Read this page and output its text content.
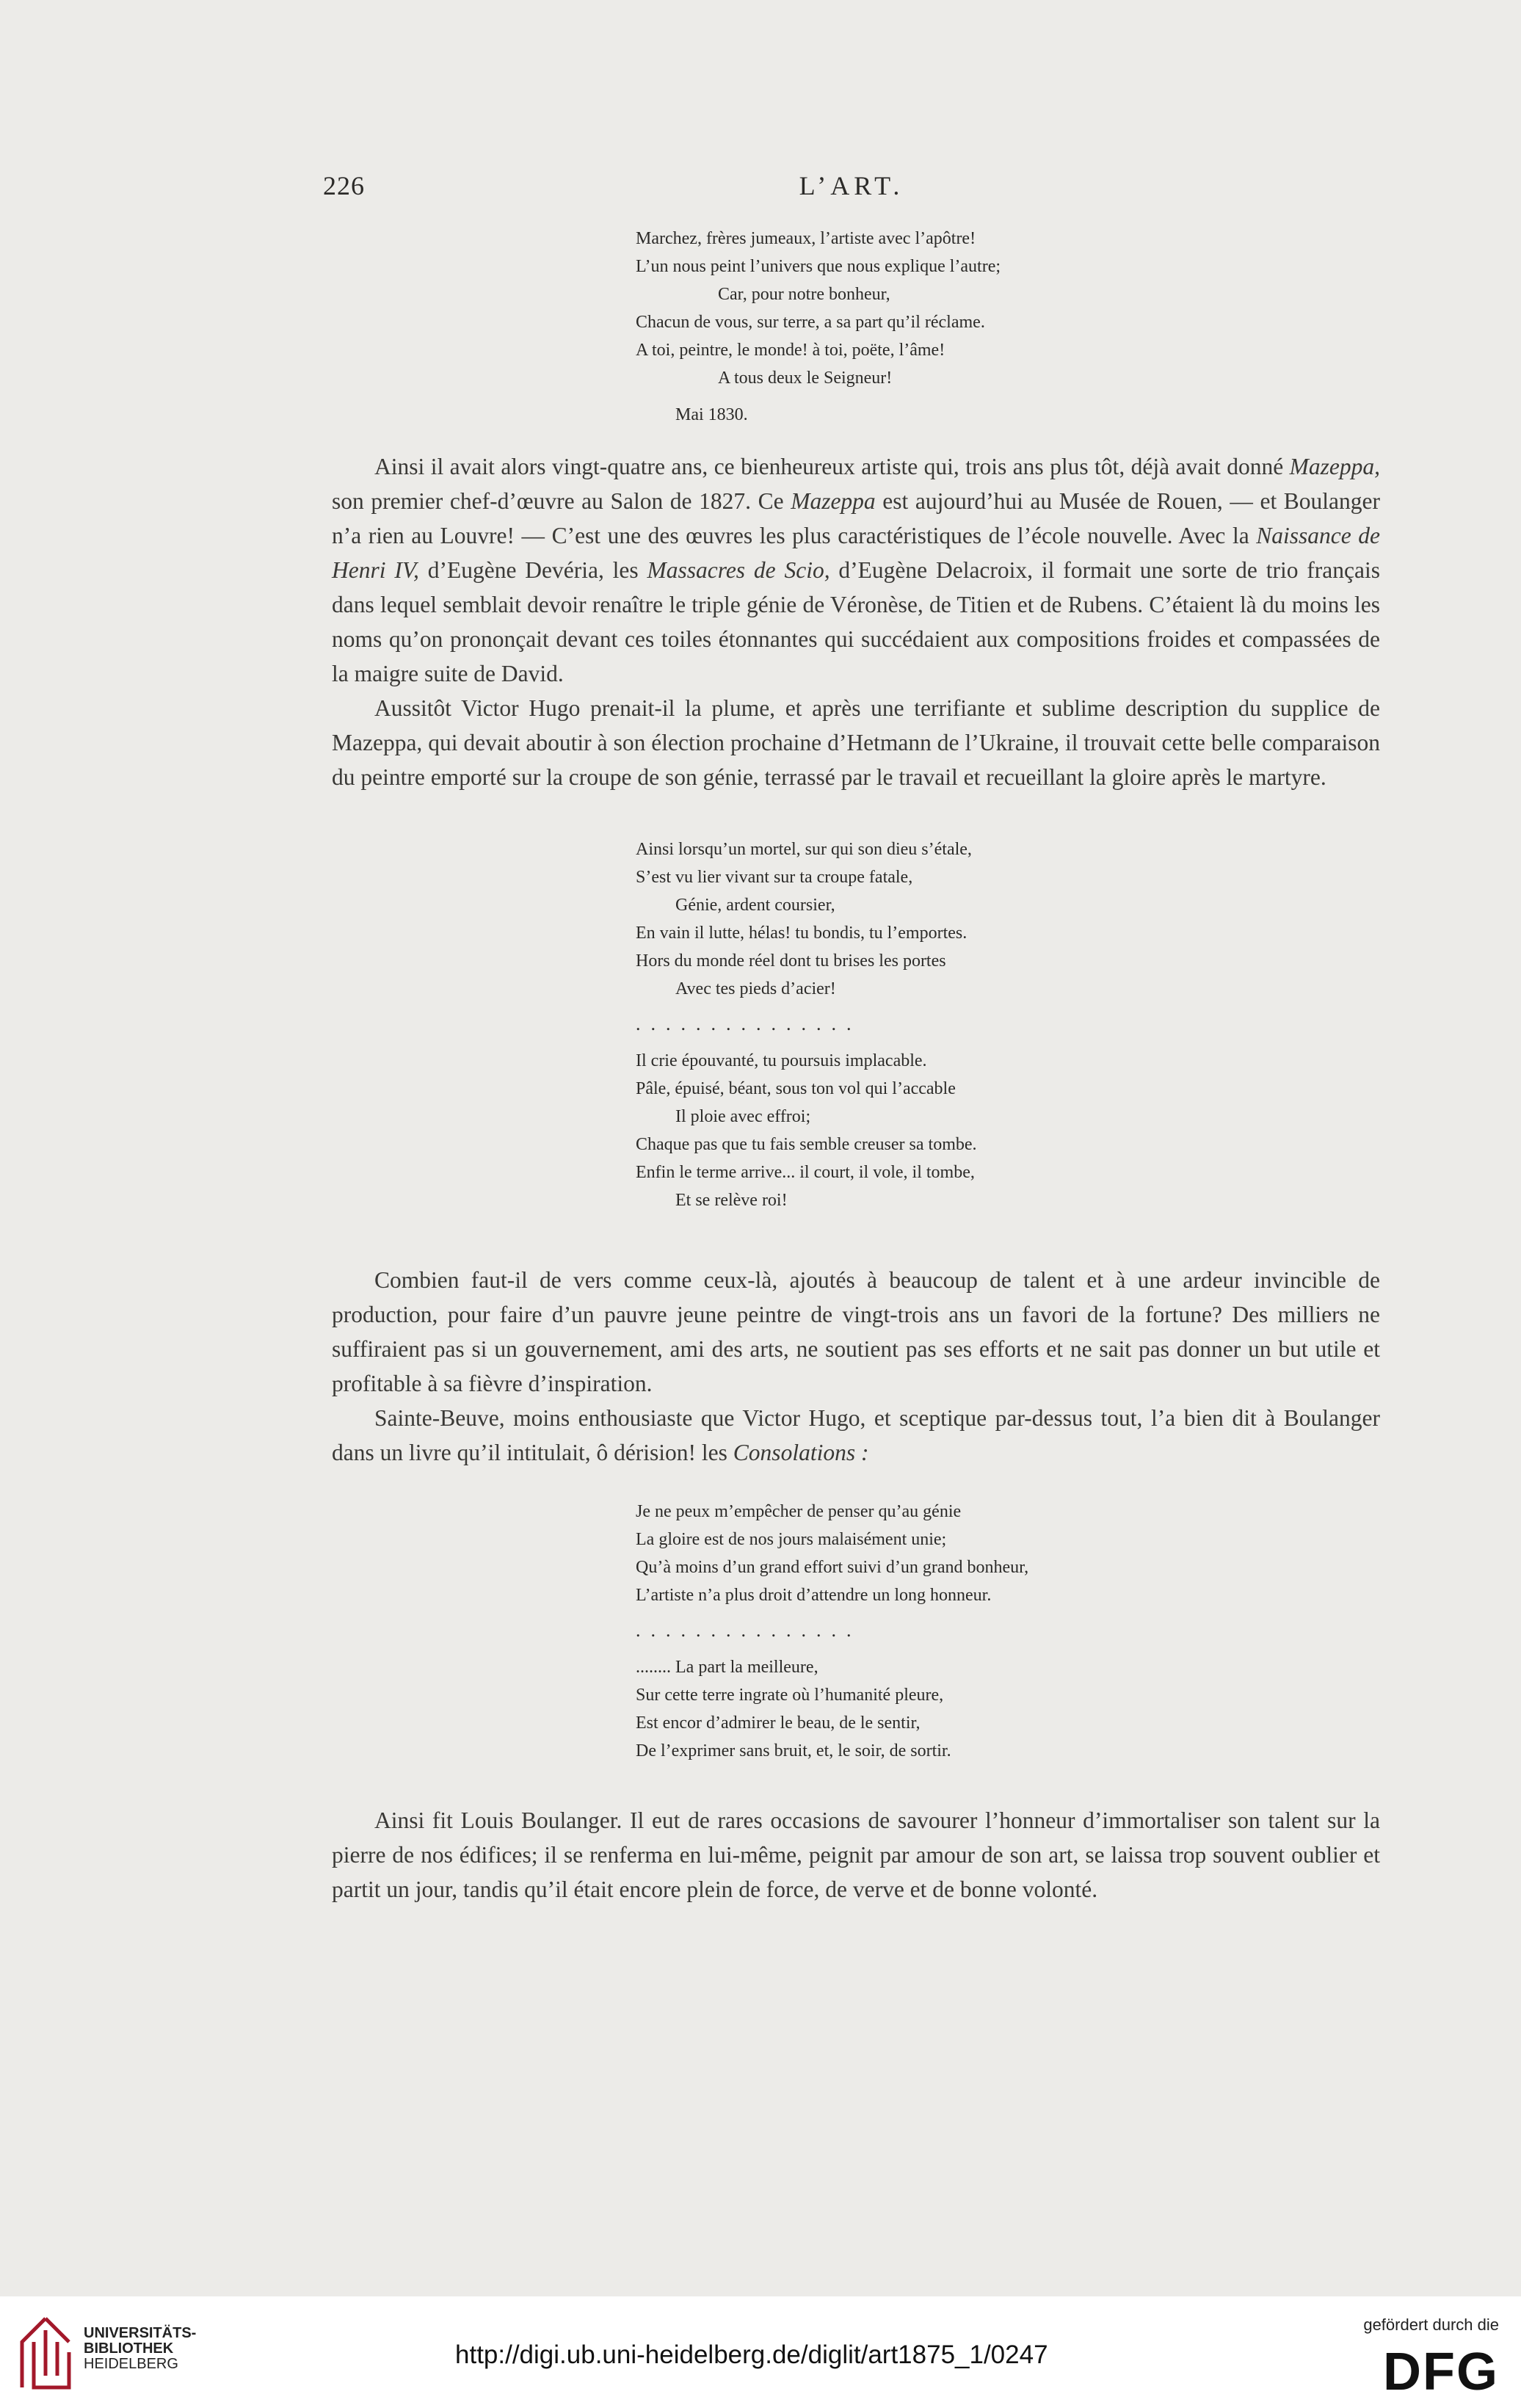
226	L’ART.
Marchez, frères jumeaux, l’artiste avec l’apôtre!
L’un nous peint l’univers que nous explique l’autre;
Car, pour notre bonheur,
Chacun de vous, sur terre, a sa part qu’il réclame.
A toi, peintre, le monde! à toi, poëte, l’âme!
A tous deux le Seigneur!
Mai 1830.

Ainsi il avait alors vingt-quatre ans, ce bienheureux artiste qui, trois ans plus tôt, déjà avait donné Mazeppa, son premier chef-d’œuvre au Salon de 1827. Ce Mazeppa est aujourd’hui au Musée de Rouen, — et Boulanger n’a rien au Louvre! — C’est une des œuvres les plus caractéristiques de l’école nouvelle. Avec la Naissance de Henri IV, d’Eugène Devéria, les Massacres de Scio, d’Eugène Delacroix, il formait une sorte de trio français dans lequel semblait devoir renaître le triple génie de Véronèse, de Titien et de Rubens. C’étaient là du moins les noms qu’on prononçait devant ces toiles étonnantes qui succédaient aux compositions froides et compassées de la maigre suite de David.

Aussitôt Victor Hugo prenait-il la plume, et après une terrifiante et sublime description du supplice de Mazeppa, qui devait aboutir à son élection prochaine d’Hetmann de l’Ukraine, il trouvait cette belle comparaison du peintre emporté sur la croupe de son génie, terrassé par le travail et recueillant la gloire après le martyre.

Ainsi lorsqu’un mortel, sur qui son dieu s’étale,
S’est vu lier vivant sur ta croupe fatale,
Génie, ardent coursier,
En vain il lutte, hélas! tu bondis, tu l’emportes.
Hors du monde réel dont tu brises les portes
Avec tes pieds d’acier!
...............
Il crie épouvanté, tu poursuis implacable.
Pâle, épuisé, béant, sous ton vol qui l’accable
Il ploie avec effroi;
Chaque pas que tu fais semble creuser sa tombe.
Enfin le terme arrive... il court, il vole, il tombe,
Et se relève roi!

Combien faut-il de vers comme ceux-là, ajoutés à beaucoup de talent et à une ardeur invincible de production, pour faire d’un pauvre jeune peintre de vingt-trois ans un favori de la fortune? Des milliers ne suffiraient pas si un gouvernement, ami des arts, ne soutient pas ses efforts et ne sait pas donner un but utile et profitable à sa fièvre d’inspiration.

Sainte-Beuve, moins enthousiaste que Victor Hugo, et sceptique par-dessus tout, l’a bien dit à Boulanger dans un livre qu’il intitulait, ô dérision! les Consolations :

Je ne peux m’empêcher de penser qu’au génie
La gloire est de nos jours malaisément unie;
Qu’à moins d’un grand effort suivi d’un grand bonheur,
L’artiste n’a plus droit d’attendre un long honneur.
...............
........ La part la meilleure,
Sur cette terre ingrate où l’humanité pleure,
Est encor d’admirer le beau, de le sentir,
De l’exprimer sans bruit, et, le soir, de sortir.

Ainsi fit Louis Boulanger. Il eut de rares occasions de savourer l’honneur d’immortaliser son talent sur la pierre de nos édifices; il se renferma en lui-même, peignit par amour de son art, se laissa trop souvent oublier et partit un jour, tandis qu’il était encore plein de force, de verve et de bonne volonté.

UNIVERSITÄTS-
BIBLIOTHEK
HEIDELBERG	http://digi.ub.uni-heidelberg.de/diglit/art1875_1/0247
gefördert durch die
DFG
